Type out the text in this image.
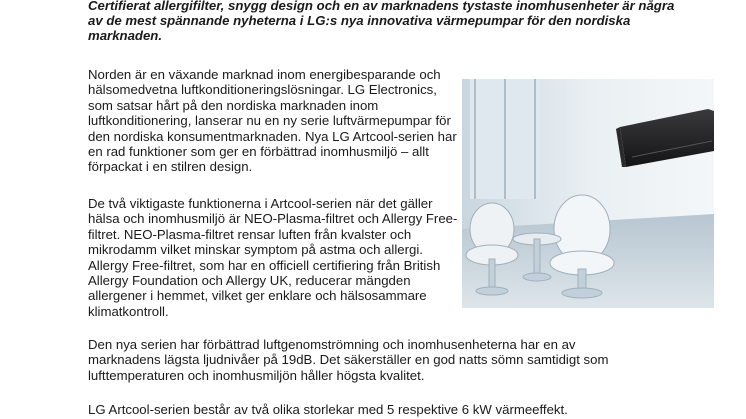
Certifierat allergifilter, snygg design och en av marknadens tystaste inomhusenheter är några av de mest spännande nyheterna i LG:s nya innovativa värmepumpar för den nordiska marknaden.

Norden är en växande marknad inom energibesparande och hälsomedvetna luftkonditioneringslösningar. LG Electronics, som satsar hårt på den nordiska marknaden inom luftkonditionering, lanserar nu en ny serie luftvärmepumpar för den nordiska konsumentmarknaden. Nya LG Artcool-serien har en rad funktioner som ger en förbättrad inomhusmiljö – allt förpackat i en stilren design.

De två viktigaste funktionerna i Artcool-serien när det gäller hälsa och inomhusmiljö är NEO-Plasma-filtret och Allergy Free-filtret. NEO-Plasma-filtret rensar luften från kvalster och mikrodamm vilket minskar symptom på astma och allergi. Allergy Free-filtret, som har en officiell certifiering från British Allergy Foundation och Allergy UK, reducerar mängden allergener i hemmet, vilket ger enklare och hälsosammare klimatkontroll.

Den nya serien har förbättrad luftgenomströmning och inomhusenheterna har en av marknadens lägsta ljudnivåer på 19dB. Det säkerställer en god natts sömn samtidigt som lufttemperaturen och inomhusmiljön håller högsta kvalitet.

LG Artcool-serien består av två olika storlekar med 5 respektive 6 kW värmeeffekt.
